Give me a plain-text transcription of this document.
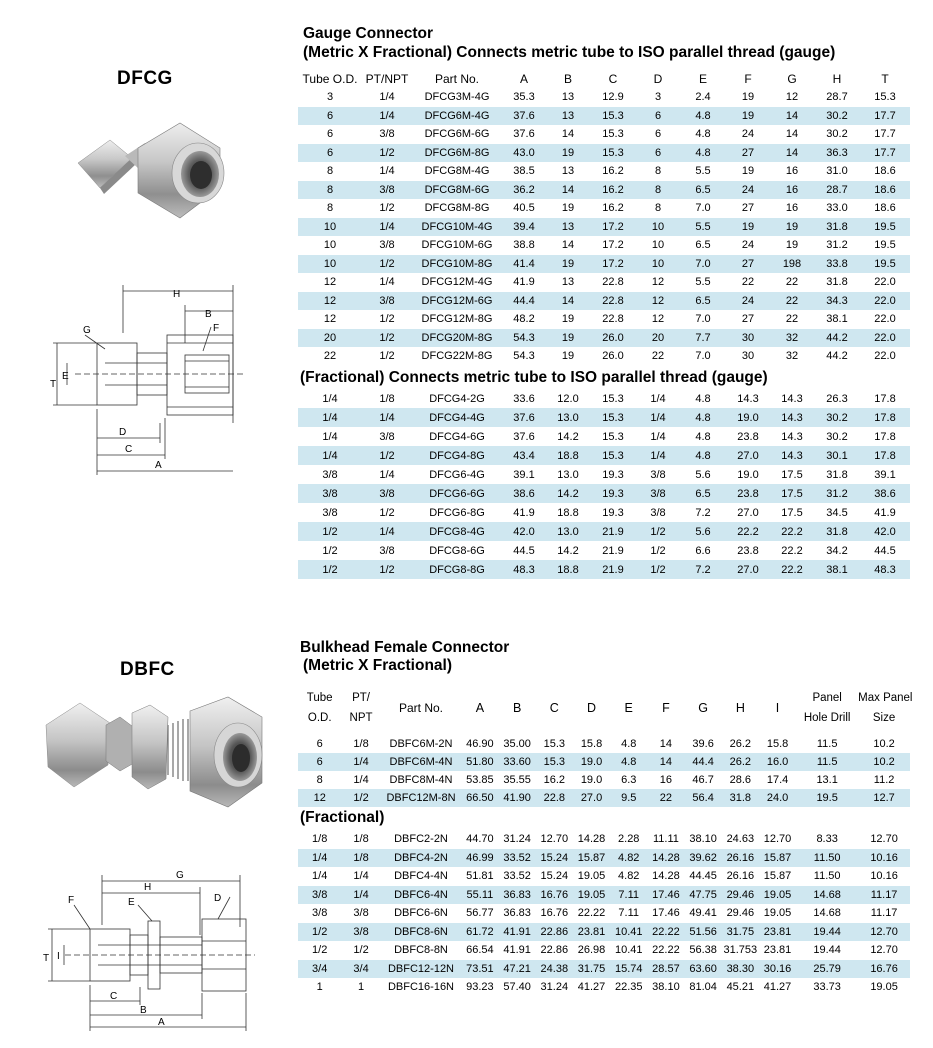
DFCG
Gauge Connector
(Metric X Fractional) Connects metric tube to ISO parallel thread (gauge)
H
B
F
G
T
E
D
C
A
Tube O.D.	PT/NPT	Part No.	A	B	C	D	E	F	G	H	T
3	1/4	DFCG3M-4G	35.3	13	12.9	3	2.4	19	12	28.7	15.3
6	1/4	DFCG6M-4G	37.6	13	15.3	6	4.8	19	14	30.2	17.7
6	3/8	DFCG6M-6G	37.6	14	15.3	6	4.8	24	14	30.2	17.7
6	1/2	DFCG6M-8G	43.0	19	15.3	6	4.8	27	14	36.3	17.7
8	1/4	DFCG8M-4G	38.5	13	16.2	8	5.5	19	16	31.0	18.6
8	3/8	DFCG8M-6G	36.2	14	16.2	8	6.5	24	16	28.7	18.6
8	1/2	DFCG8M-8G	40.5	19	16.2	8	7.0	27	16	33.0	18.6
10	1/4	DFCG10M-4G	39.4	13	17.2	10	5.5	19	19	31.8	19.5
10	3/8	DFCG10M-6G	38.8	14	17.2	10	6.5	24	19	31.2	19.5
10	1/2	DFCG10M-8G	41.4	19	17.2	10	7.0	27	198	33.8	19.5
12	1/4	DFCG12M-4G	41.9	13	22.8	12	5.5	22	22	31.8	22.0
12	3/8	DFCG12M-6G	44.4	14	22.8	12	6.5	24	22	34.3	22.0
12	1/2	DFCG12M-8G	48.2	19	22.8	12	7.0	27	22	38.1	22.0
20	1/2	DFCG20M-8G	54.3	19	26.0	20	7.7	30	32	44.2	22.0
22	1/2	DFCG22M-8G	54.3	19	26.0	22	7.0	30	32	44.2	22.0
(Fractional) Connects metric tube to ISO parallel thread (gauge)
1/4	1/8	DFCG4-2G	33.6	12.0	15.3	1/4	4.8	14.3	14.3	26.3	17.8
1/4	1/4	DFCG4-4G	37.6	13.0	15.3	1/4	4.8	19.0	14.3	30.2	17.8
1/4	3/8	DFCG4-6G	37.6	14.2	15.3	1/4	4.8	23.8	14.3	30.2	17.8
1/4	1/2	DFCG4-8G	43.4	18.8	15.3	1/4	4.8	27.0	14.3	30.1	17.8
3/8	1/4	DFCG6-4G	39.1	13.0	19.3	3/8	5.6	19.0	17.5	31.8	39.1
3/8	3/8	DFCG6-6G	38.6	14.2	19.3	3/8	6.5	23.8	17.5	31.2	38.6
3/8	1/2	DFCG6-8G	41.9	18.8	19.3	3/8	7.2	27.0	17.5	34.5	41.9
1/2	1/4	DFCG8-4G	42.0	13.0	21.9	1/2	5.6	22.2	22.2	31.8	42.0
1/2	3/8	DFCG8-6G	44.5	14.2	21.9	1/2	6.6	23.8	22.2	34.2	44.5
1/2	1/2	DFCG8-8G	48.3	18.8	21.9	1/2	7.2	27.0	22.2	38.1	48.3
DBFC
Bulkhead Female Connector
(Metric X Fractional)
G
H
F	E	D
T I
C
B
A
Tube	PT/	Part No.	A	B	C	D	E	F	G	H	I	Panel	Max Panel
O.D.	NPT											Hole Drill	Size
6	1/8	DBFC6M-2N	46.90	35.00	15.3	15.8	4.8	14	39.6	26.2	15.8	11.5	10.2
6	1/4	DBFC6M-4N	51.80	33.60	15.3	19.0	4.8	14	44.4	26.2	16.0	11.5	10.2
8	1/4	DBFC8M-4N	53.85	35.55	16.2	19.0	6.3	16	46.7	28.6	17.4	13.1	11.2
12	1/2	DBFC12M-8N	66.50	41.90	22.8	27.0	9.5	22	56.4	31.8	24.0	19.5	12.7
(Fractional)
1/8	1/8	DBFC2-2N	44.70	31.24	12.70	14.28	2.28	11.11	38.10	24.63	12.70	8.33	12.70
1/4	1/8	DBFC4-2N	46.99	33.52	15.24	15.87	4.82	14.28	39.62	26.16	15.87	11.50	10.16
1/4	1/4	DBFC4-4N	51.81	33.52	15.24	19.05	4.82	14.28	44.45	26.16	15.87	11.50	10.16
3/8	1/4	DBFC6-4N	55.11	36.83	16.76	19.05	7.11	17.46	47.75	29.46	19.05	14.68	11.17
3/8	3/8	DBFC6-6N	56.77	36.83	16.76	22.22	7.11	17.46	49.41	29.46	19.05	14.68	11.17
1/2	3/8	DBFC8-6N	61.72	41.91	22.86	23.81	10.41	22.22	51.56	31.75	23.81	19.44	12.70
1/2	1/2	DBFC8-8N	66.54	41.91	22.86	26.98	10.41	22.22	56.38	31.753	23.81	19.44	12.70
3/4	3/4	DBFC12-12N	73.51	47.21	24.38	31.75	15.74	28.57	63.60	38.30	30.16	25.79	16.76
1	1	DBFC16-16N	93.23	57.40	31.24	41.27	22.35	38.10	81.04	45.21	41.27	33.73	19.05
